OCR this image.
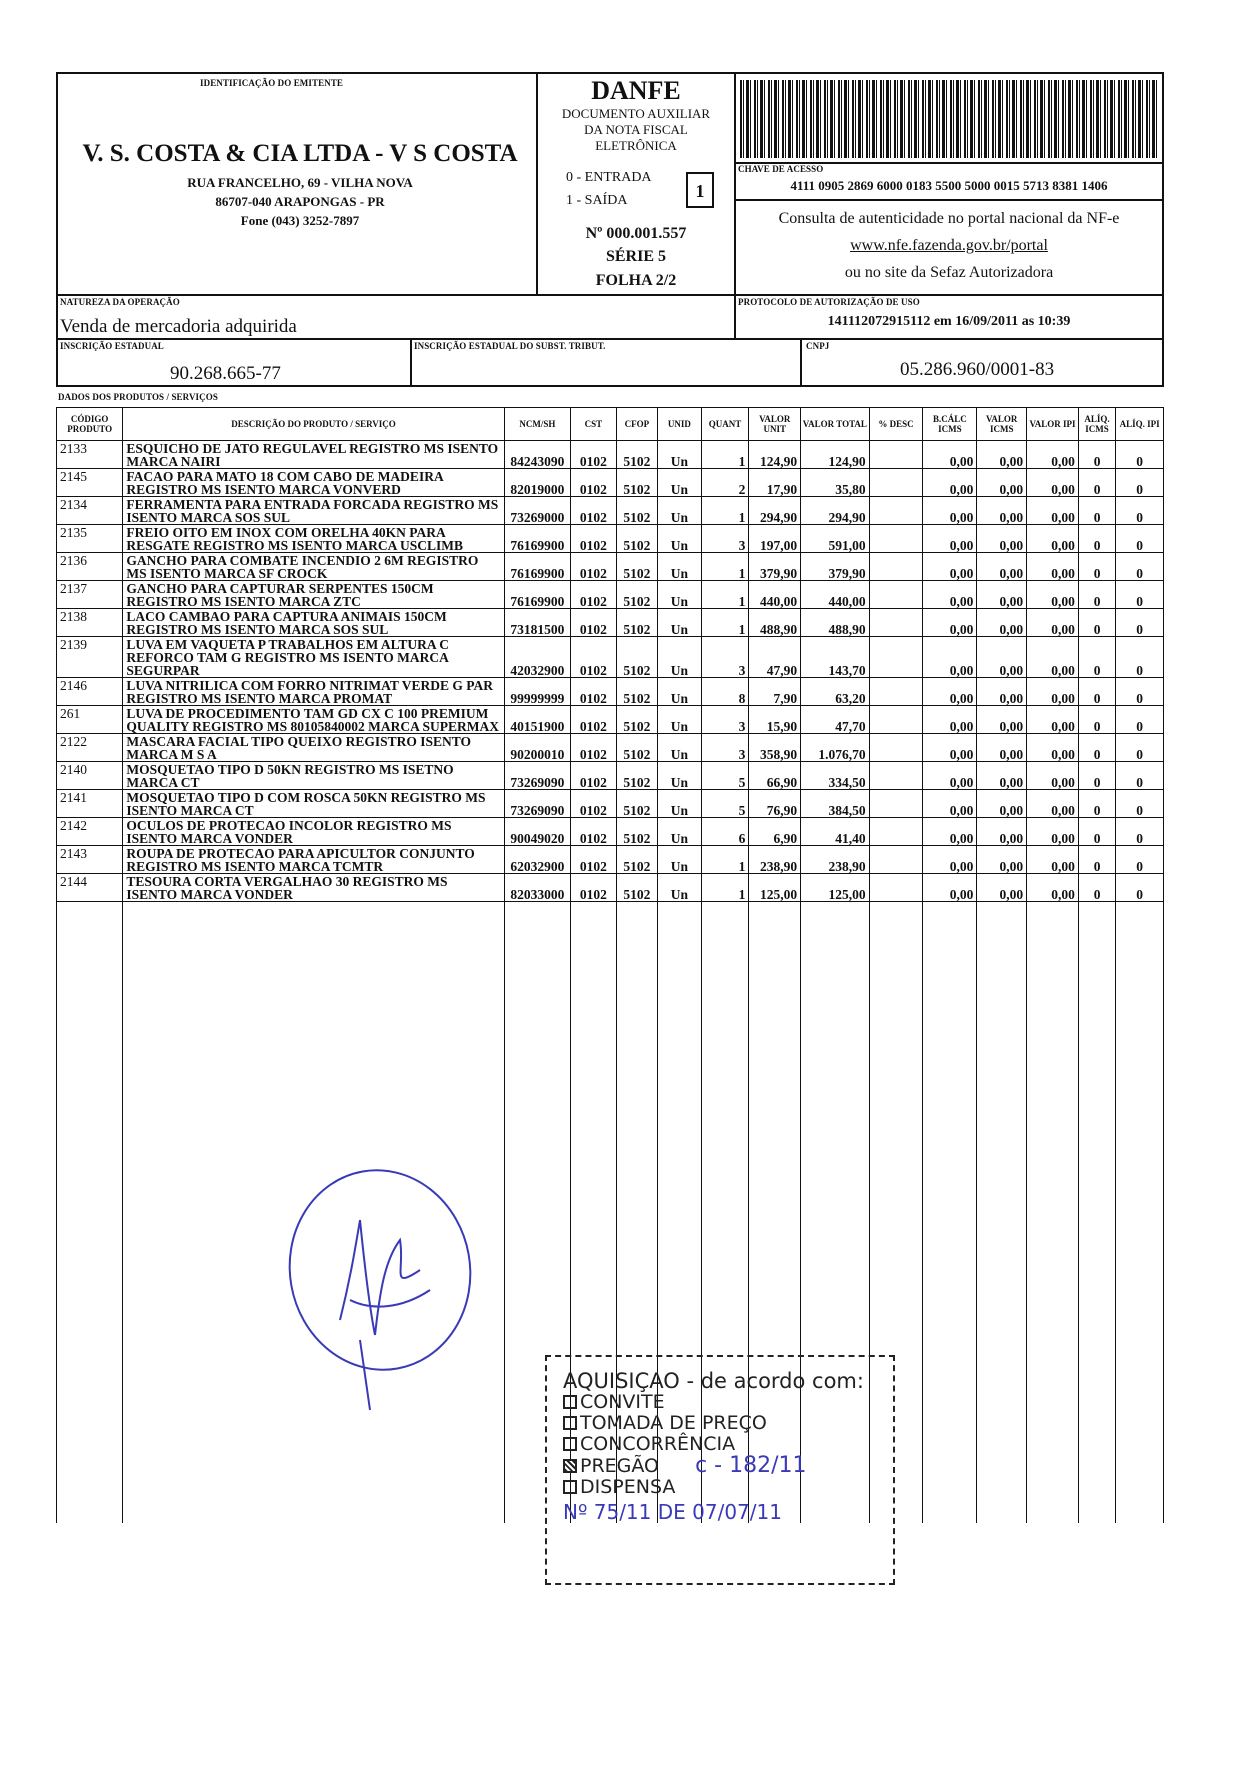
IDENTIFICAÇÃO DO EMITENTE
V. S. COSTA & CIA LTDA - V S COSTA
RUA FRANCELHO, 69 - VILHA NOVA
86707-040 ARAPONGAS - PR
Fone (043) 3252-7897
DANFE
DOCUMENTO AUXILIAR
DA NOTA FISCAL
ELETRÔNICA
0 - ENTRADA
1 - SAÍDA	1
Nº 000.001.557
SÉRIE 5
FOLHA 2/2
CHAVE DE ACESSO
4111 0905 2869 6000 0183 5500 5000 0015 5713 8381 1406
Consulta de autenticidade no portal nacional da NF-e
www.nfe.fazenda.gov.br/portal
ou no site da Sefaz Autorizadora
NATUREZA DA OPERAÇÃO
Venda de mercadoria adquirida
PROTOCOLO DE AUTORIZAÇÃO DE USO
141112072915112 em 16/09/2011 as 10:39
INSCRIÇÃO ESTADUAL
90.268.665-77
INSCRIÇÃO ESTADUAL DO SUBST. TRIBUT.	CNPJ
05.286.960/0001-83
DADOS DOS PRODUTOS / SERVIÇOS
CÓDIGO PRODUTO	DESCRIÇÃO DO PRODUTO / SERVIÇO	NCM/SH	CST	CFOP	UNID	QUANT	VALOR UNIT	VALOR TOTAL	% DESC	B.CÁLC ICMS	VALOR ICMS	VALOR IPI	ALÍQ. ICMS	ALÍQ. IPI
2133	ESQUICHO DE JATO REGULAVEL REGISTRO MS ISENTO MARCA NAIRI	84243090	0102	5102	Un	1	124,90	124,90		0,00	0,00	0,00	0	0
2145	FACAO PARA MATO 18 COM CABO DE MADEIRA REGISTRO MS ISENTO MARCA VONVERD	82019000	0102	5102	Un	2	17,90	35,80		0,00	0,00	0,00	0	0
2134	FERRAMENTA PARA ENTRADA FORCADA REGISTRO MS ISENTO MARCA SOS SUL	73269000	0102	5102	Un	1	294,90	294,90		0,00	0,00	0,00	0	0
2135	FREIO OITO EM INOX COM ORELHA 40KN PARA RESGATE REGISTRO MS ISENTO MARCA USCLIMB	76169900	0102	5102	Un	3	197,00	591,00		0,00	0,00	0,00	0	0
2136	GANCHO PARA COMBATE INCENDIO 2 6M REGISTRO MS ISENTO MARCA SF CROCK	76169900	0102	5102	Un	1	379,90	379,90		0,00	0,00	0,00	0	0
2137	GANCHO PARA CAPTURAR SERPENTES 150CM REGISTRO MS ISENTO MARCA ZTC	76169900	0102	5102	Un	1	440,00	440,00		0,00	0,00	0,00	0	0
2138	LACO CAMBAO PARA CAPTURA ANIMAIS 150CM REGISTRO MS ISENTO MARCA SOS SUL	73181500	0102	5102	Un	1	488,90	488,90		0,00	0,00	0,00	0	0
2139	LUVA EM VAQUETA P TRABALHOS EM ALTURA C REFORCO TAM G REGISTRO MS ISENTO MARCA SEGURPAR	42032900	0102	5102	Un	3	47,90	143,70		0,00	0,00	0,00	0	0
2146	LUVA NITRILICA COM FORRO NITRIMAT VERDE G PAR REGISTRO MS ISENTO MARCA PROMAT	99999999	0102	5102	Un	8	7,90	63,20		0,00	0,00	0,00	0	0
261	LUVA DE PROCEDIMENTO TAM GD CX C 100 PREMIUM QUALITY REGISTRO MS 80105840002 MARCA SUPERMAX	40151900	0102	5102	Un	3	15,90	47,70		0,00	0,00	0,00	0	0
2122	MASCARA FACIAL TIPO QUEIXO REGISTRO ISENTO MARCA M S A	90200010	0102	5102	Un	3	358,90	1.076,70		0,00	0,00	0,00	0	0
2140	MOSQUETAO TIPO D 50KN REGISTRO MS ISETNO MARCA CT	73269090	0102	5102	Un	5	66,90	334,50		0,00	0,00	0,00	0	0
2141	MOSQUETAO TIPO D COM ROSCA 50KN REGISTRO MS ISENTO MARCA CT	73269090	0102	5102	Un	5	76,90	384,50		0,00	0,00	0,00	0	0
2142	OCULOS DE PROTECAO INCOLOR REGISTRO MS ISENTO MARCA VONDER	90049020	0102	5102	Un	6	6,90	41,40		0,00	0,00	0,00	0	0
2143	ROUPA DE PROTECAO PARA APICULTOR CONJUNTO REGISTRO MS ISENTO MARCA TCMTR	62032900	0102	5102	Un	1	238,90	238,90		0,00	0,00	0,00	0	0
2144	TESOURA CORTA VERGALHAO 30 REGISTRO MS ISENTO MARCA VONDER	82033000	0102	5102	Un	1	125,00	125,00		0,00	0,00	0,00	0	0

AQUISIÇAO - de acordo com:
CONVITE
TOMADA DE PREÇO
CONCORRÊNCIA
PREGÃO c - 182/11
DISPENSA
Nº 75/11 DE 07/07/11
